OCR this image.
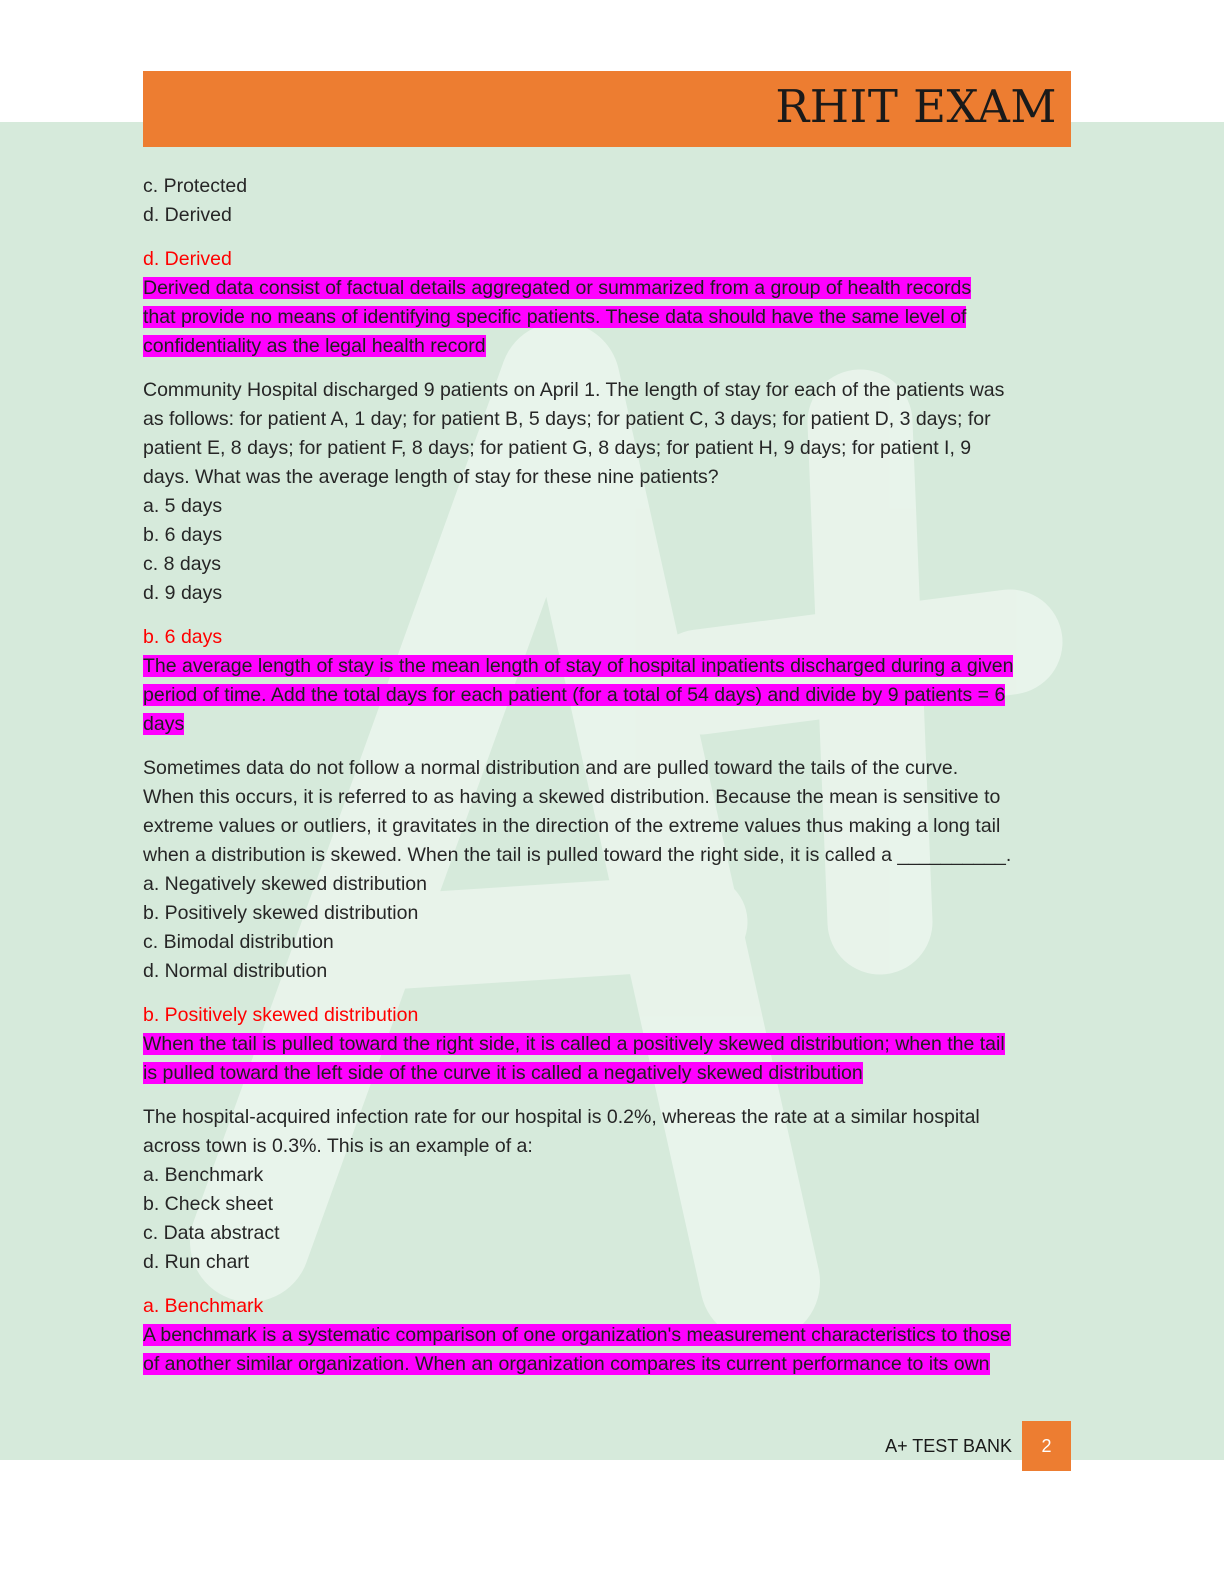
RHIT EXAM

c. Protected

d. Derived

d. Derived

Derived data consist of factual details aggregated or summarized from a group of health records
that provide no means of identifying specific patients. These data should have the same level of
confidentiality as the legal health record

Community Hospital discharged 9 patients on April 1. The length of stay for each of the patients was

as follows: for patient A, 1 day; for patient B, 5 days; for patient C, 3 days; for patient D, 3 days; for

patient E, 8 days; for patient F, 8 days; for patient G, 8 days; for patient H, 9 days; for patient I, 9

days. What was the average length of stay for these nine patients?

a. 5 days

b. 6 days

c. 8 days

d. 9 days

b. 6 days

The average length of stay is the mean length of stay of hospital inpatients discharged during a given
period of time. Add the total days for each patient (for a total of 54 days) and divide by 9 patients = 6
days

Sometimes data do not follow a normal distribution and are pulled toward the tails of the curve.

When this occurs, it is referred to as having a skewed distribution. Because the mean is sensitive to

extreme values or outliers, it gravitates in the direction of the extreme values thus making a long tail

when a distribution is skewed. When the tail is pulled toward the right side, it is called a __________.

a. Negatively skewed distribution

b. Positively skewed distribution

c. Bimodal distribution

d. Normal distribution

b. Positively skewed distribution

When the tail is pulled toward the right side, it is called a positively skewed distribution; when the tail
is pulled toward the left side of the curve it is called a negatively skewed distribution

The hospital-acquired infection rate for our hospital is 0.2%, whereas the rate at a similar hospital

across town is 0.3%. This is an example of a:

a. Benchmark

b. Check sheet

c. Data abstract

d. Run chart

a. Benchmark

A benchmark is a systematic comparison of one organization's measurement characteristics to those
of another similar organization. When an organization compares its current performance to its own

A+ TEST BANK	2
